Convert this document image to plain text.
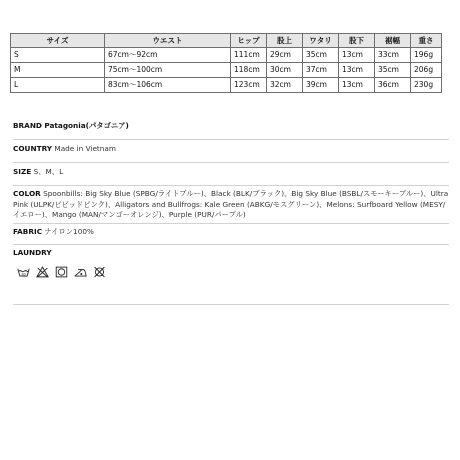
サイズ	ウエスト	ヒップ	股上	ワタリ	股下	裾幅	重さ
S	67cm〜92cm	111cm	29cm	35cm	13cm	33cm	196g
M	75cm〜100cm	118cm	30cm	37cm	13cm	35cm	206g
L	83cm〜106cm	123cm	32cm	39cm	13cm	36cm	230g
BRAND Patagonia(パタゴニア)
COUNTRY Made in Vietnam
SIZE S、M、L
COLOR Spoonbills: Big Sky Blue (SPBG/ライトブルー)、Black (BLK/ブラック)、Big Sky Blue (BSBL/スモーキーブルー)、Ultra Pink (ULPK/ビビッドピンク)、Alligators and Bullfrogs: Kale Green (ABKG/モスグリーン)、Melons: Surfboard Yellow (MESY/イエロー)、Mango (MAN/マンゴーオレンジ)、Purple (PUR/パープル)
FABRIC ナイロン100%
LAUNDRY
30
